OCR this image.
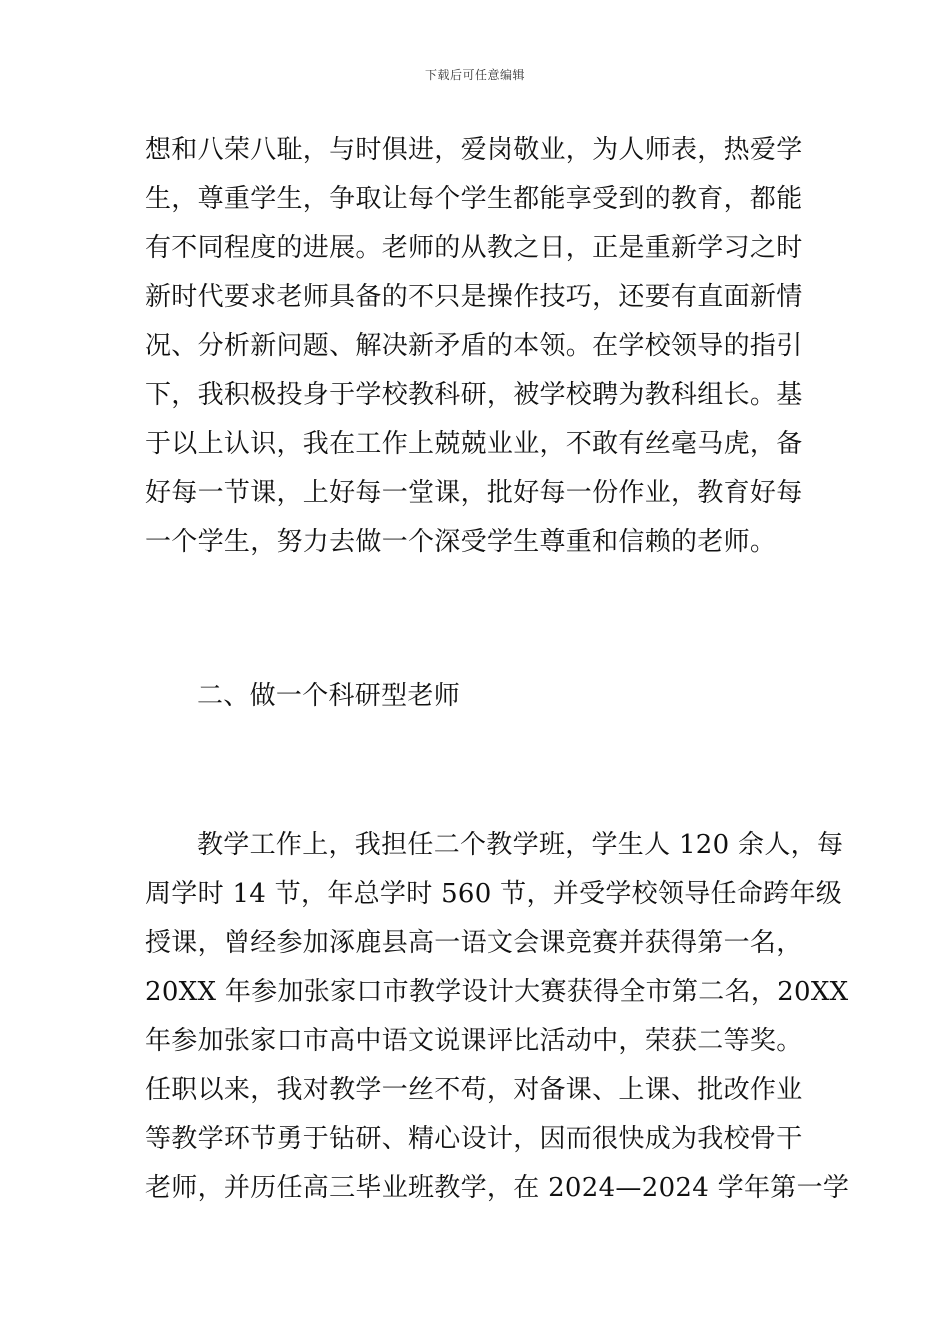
下载后可任意编辑
想和八荣八耻，与时俱进，爱岗敬业，为人师表，热爱学
生，尊重学生，争取让每个学生都能享受到的教育，都能
有不同程度的进展。老师的从教之日，正是重新学习之时
新时代要求老师具备的不只是操作技巧，还要有直面新情
况、分析新问题、解决新矛盾的本领。在学校领导的指引
下，我积极投身于学校教科研，被学校聘为教科组长。基
于以上认识，我在工作上兢兢业业，不敢有丝毫马虎，备
好每一节课，上好每一堂课，批好每一份作业，教育好每
一个学生，努力去做一个深受学生尊重和信赖的老师。
二、做一个科研型老师
教学工作上，我担任二个教学班，学生人 120 余人，每
周学时 14 节，年总学时 560 节，并受学校领导任命跨年级
授课，曾经参加涿鹿县高一语文会课竞赛并获得第一名，
20XX 年参加张家口市教学设计大赛获得全市第二名，20XX
年参加张家口市高中语文说课评比活动中，荣获二等奖。
任职以来，我对教学一丝不苟，对备课、上课、批改作业
等教学环节勇于钻研、精心设计，因而很快成为我校骨干
老师，并历任高三毕业班教学，在 2024—2024 学年第一学
